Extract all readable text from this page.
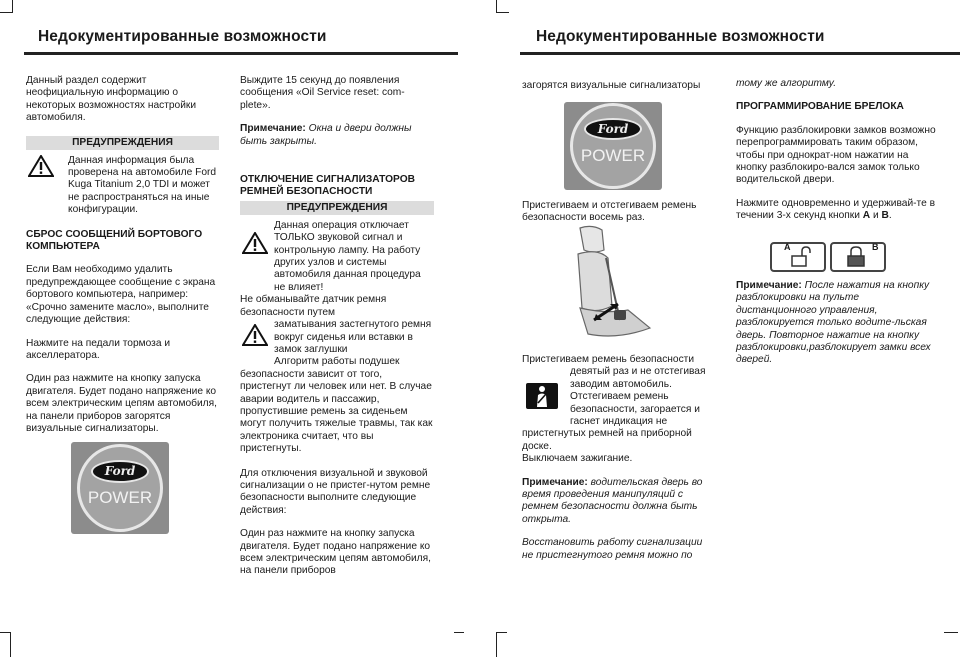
Недокументированные возможности

Данный раздел содержит неофициальную информацию о некоторых возможностях настройки автомобиля.

ПРЕДУПРЕЖДЕНИЯ
Данная информация была проверена на автомобиле Ford Kuga Titanium 2,0 TDI и может не распространяться на иные конфигурации.

СБРОС СООБЩЕНИЙ БОРТОВОГО КОМПЬЮТЕРА

Если Вам необходимо удалить предупреждающее сообщение с экрана бортового компьютера, например: «Срочно замените масло», выполните следующие действия:

Нажмите на педали тормоза и акселлератора.

Один раз нажмите на кнопку запуска двигателя. Будет подано напряжение ко всем электрическим цепям автомобиля, на панели приборов загорятся визуальные сигнализаторы.

Ford
POWER

Выждите 15 секунд до появления сообщения «Oil Service reset: com-plete».

Примечание: Окна и двери должны быть закрыты.

ОТКЛЮЧЕНИЕ СИГНАЛИЗАТОРОВ РЕМНЕЙ БЕЗОПАСНОСТИ

ПРЕДУПРЕЖДЕНИЯ
Данная операция отключает ТОЛЬКО звуковой сигнал и контрольную лампу. На работу других узлов и системы автомобиля данная процедура не влияет!
Не обманывайте датчик ремня безопасности путем
заматывания застегнутого ремня вокруг сиденья или вставки в замок заглушки

Алгоритм работы подушек безопасности зависит от того, пристегнут ли человек или нет. В случае аварии водитель и пассажир, пропустившие ремень за сиденьем могут получить тяжелые травмы, так как электроника считает, что вы пристегнуты.

Для отключения визуальной и звуковой сигнализации о не пристег-нутом ремне безопасности выполните следующие действия:

Один раз нажмите на кнопку запуска двигателя. Будет подано напряжение ко всем электрическим цепям автомобиля, на панели приборов

Недокументированные возможности

загорятся визуальные сигнализаторы

Ford
POWER

Пристегиваем и отстегиваем ремень безопасности восемь раз.

Пристегиваем ремень безопасности
девятый раз и не отстегивая заводим автомобиль. Отстегиваем ремень безопасности, загорается и гаснет индикация не
пристегнутых ремней на приборной доске.

Выключаем зажигание.

Примечание: водительская дверь во время проведения манипуляций с ремнем безопасности должна быть открыта.

Восстановить работу сигнализации не пристегнутого ремня можно по

тому же алгоритму.

ПРОГРАММИРОВАНИЕ БРЕЛОКА

Функцию разблокировки замков возможно перепрограммировать таким образом, чтобы при однократ-ном нажатии на кнопку разблокиро-вался замок только водительской двери.

Нажмите одновременно и удерживай-те в течении 3-х секунд кнопки A и B.

A	B

Примечание: После нажатия на кнопку разблокировки на пульте дистанционного управления, разблокируется только водите-льская дверь. Повторное нажатие на кнопку разблокировки,разблокирует замки всех дверей.
